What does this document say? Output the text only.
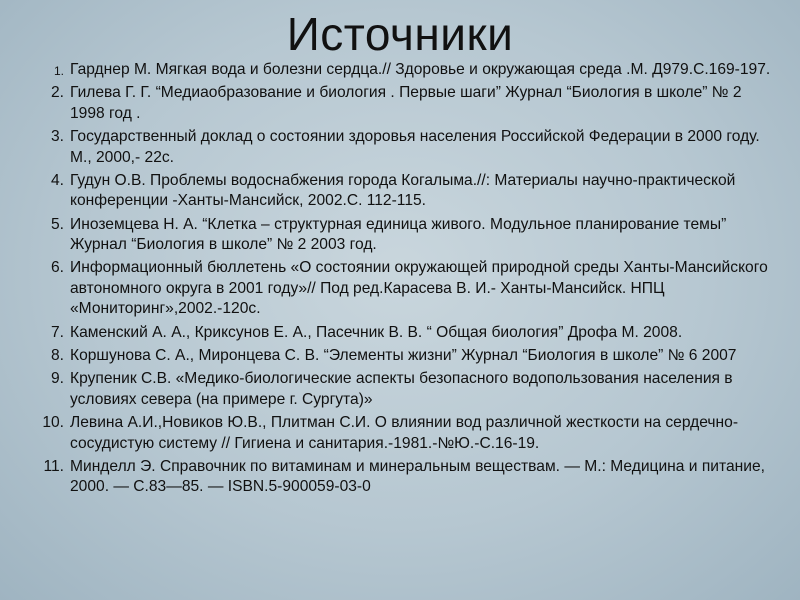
Источники
1. Гарднер М. Мягкая вода и болезни сердца.// Здоровье и окружающая среда .М. Д979.С.169-197.
2. Гилева Г. Г. “Медиаобразование и биология . Первые шаги” Журнал “Биология в школе” № 2 1998 год .
3. Государственный доклад о состоянии здоровья населения Российской Федерации в 2000 году. М., 2000,- 22с.
4. Гудун О.В. Проблемы водоснабжения города Когалыма.//: Материалы научно-практической конференции -Ханты-Мансийск, 2002.С. 112-115.
5. Иноземцева Н. А. “Клетка – структурная единица живого. Модульное планирование темы” Журнал “Биология в школе” № 2 2003 год.
6. Информационный бюллетень «О состоянии окружающей природной среды Ханты-Мансийского автономного округа в 2001 году»// Под ред.Карасева В. И.- Ханты-Мансийск. НПЦ «Мониторинг»,2002.-120с.
7. Каменский А. А., Криксунов Е. А., Пасечник В. В. “ Общая биология” Дрофа М. 2008.
8. Коршунова С. А., Миронцева С. В. “Элементы жизни” Журнал “Биология в школе” № 6 2007
9. Крупеник С.В. «Медико-биологические аспекты безопасного водопользования населения в условиях севера (на примере г. Сургута)»
10. Левина А.И.,Новиков Ю.В., Плитман С.И. О влиянии вод различной жесткости на сердечно-сосудистую систему // Гигиена и санитария.-1981.-№Ю.-С.16-19.
11. Минделл Э. Справочник по витаминам и минеральным веществам. — М.: Медицина и питание, 2000. — С.83—85. — ISBN.5-900059-03-0
